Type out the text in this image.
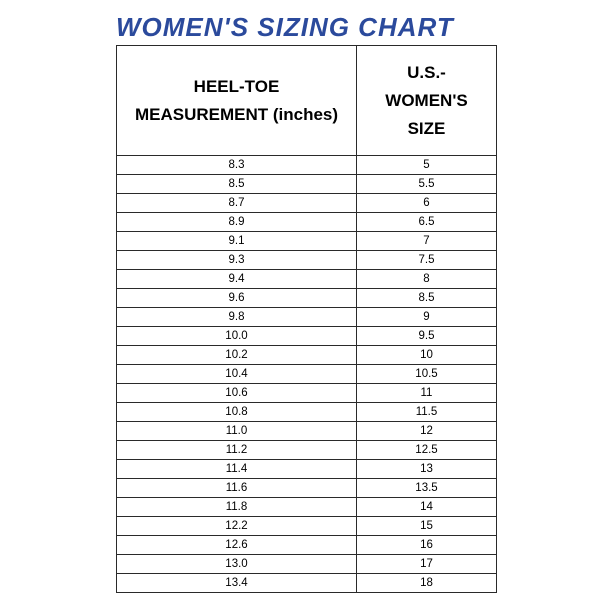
WOMEN'S SIZING CHART
HEEL-TOE
MEASUREMENT (inches)	U.S.-
WOMEN'S
SIZE

8.3	5
8.5	5.5
8.7	6
8.9	6.5
9.1	7
9.3	7.5
9.4	8
9.6	8.5
9.8	9
10.0	9.5
10.2	10
10.4	10.5
10.6	11
10.8	11.5
11.0	12
11.2	12.5
11.4	13
11.6	13.5
11.8	14
12.2	15
12.6	16
13.0	17
13.4	18
